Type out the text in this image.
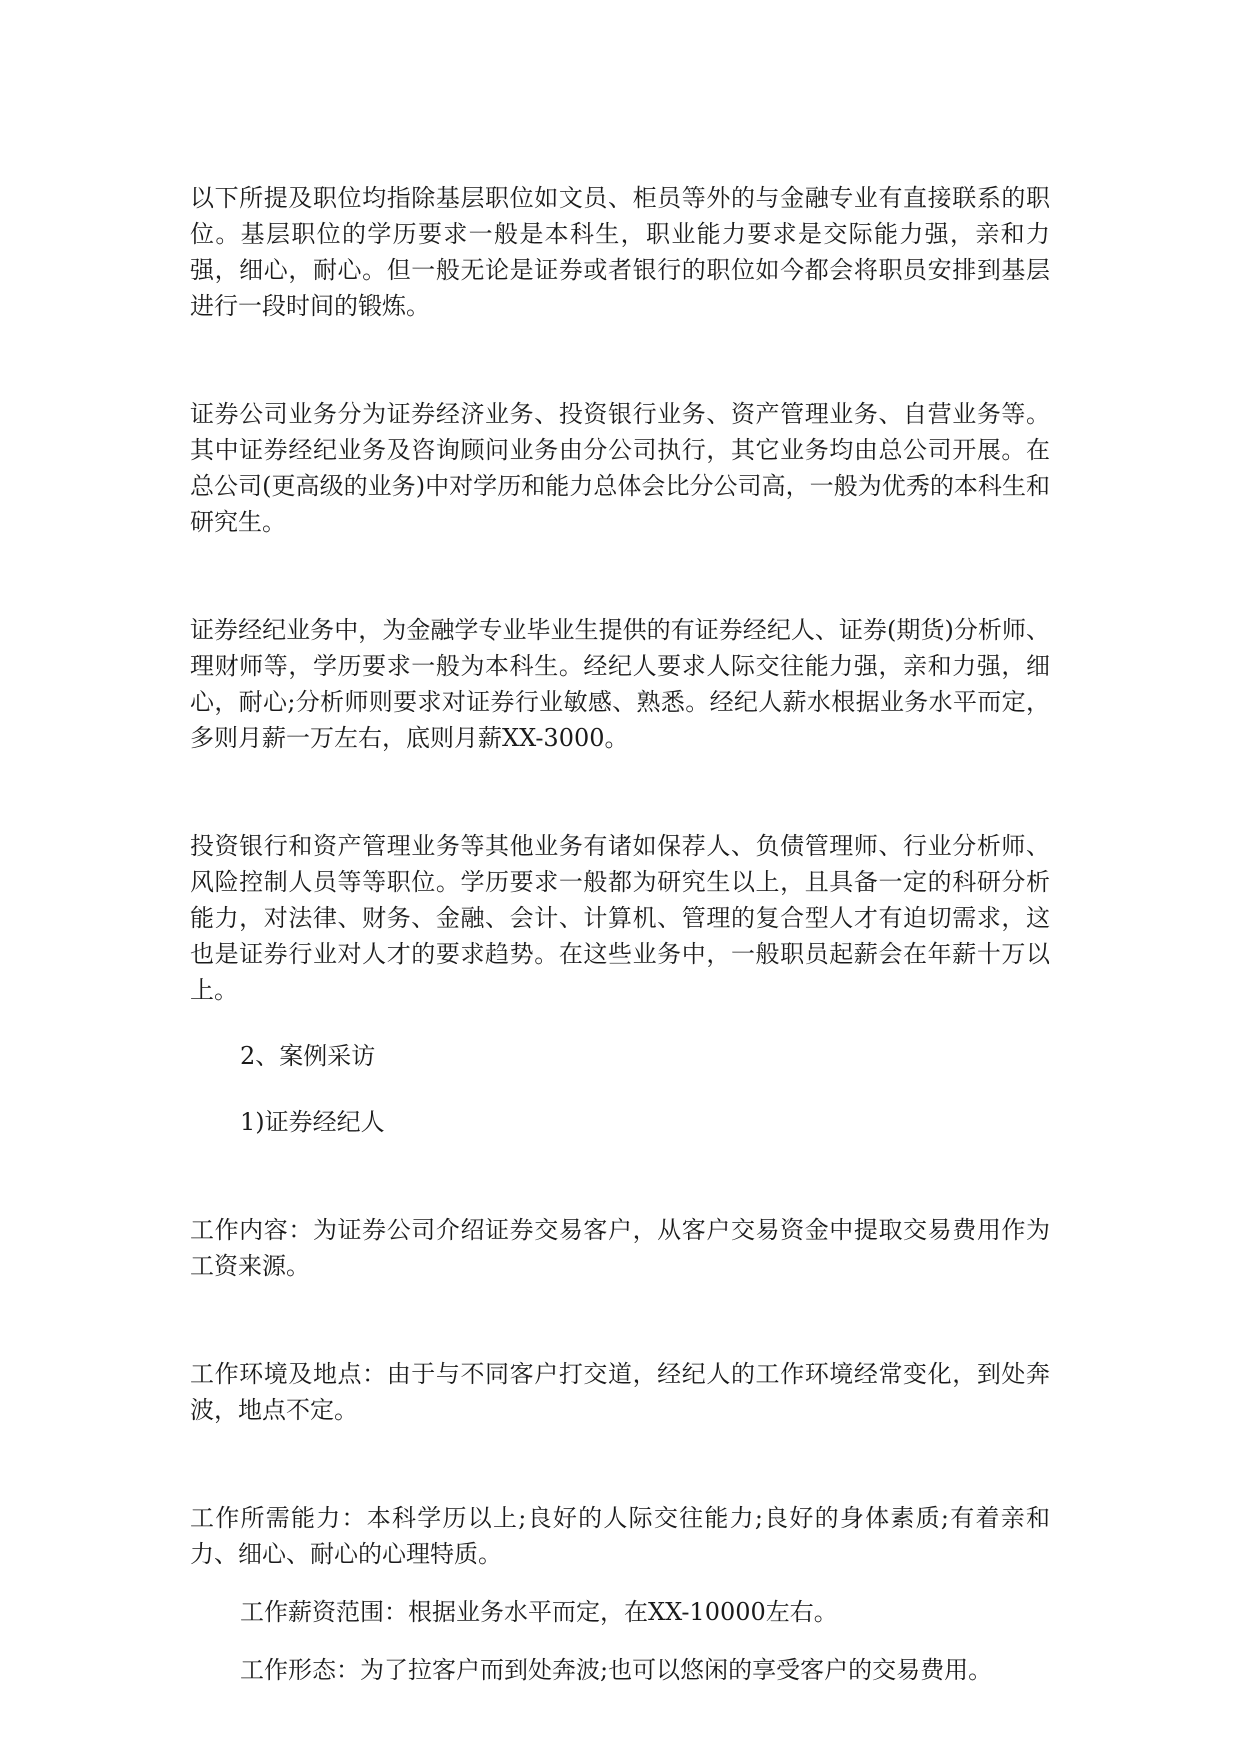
以下所提及职位均指除基层职位如文员、柜员等外的与金融专业有直接联系的职位。基层职位的学历要求一般是本科生，职业能力要求是交际能力强，亲和力强，细心，耐心。但一般无论是证券或者银行的职位如今都会将职员安排到基层进行一段时间的锻炼。

证券公司业务分为证券经济业务、投资银行业务、资产管理业务、自营业务等。其中证券经纪业务及咨询顾问业务由分公司执行，其它业务均由总公司开展。在总公司(更高级的业务)中对学历和能力总体会比分公司高，一般为优秀的本科生和研究生。

证券经纪业务中，为金融学专业毕业生提供的有证券经纪人、证券(期货)分析师、理财师等，学历要求一般为本科生。经纪人要求人际交往能力强，亲和力强，细心，耐心;分析师则要求对证券行业敏感、熟悉。经纪人薪水根据业务水平而定，多则月薪一万左右，底则月薪XX-3000。

投资银行和资产管理业务等其他业务有诸如保荐人、负债管理师、行业分析师、风险控制人员等等职位。学历要求一般都为研究生以上，且具备一定的科研分析能力，对法律、财务、金融、会计、计算机、管理的复合型人才有迫切需求，这也是证券行业对人才的要求趋势。在这些业务中，一般职员起薪会在年薪十万以上。

2、案例采访

1)证券经纪人

工作内容：为证券公司介绍证券交易客户，从客户交易资金中提取交易费用作为工资来源。

工作环境及地点：由于与不同客户打交道，经纪人的工作环境经常变化，到处奔波，地点不定。

工作所需能力：本科学历以上;良好的人际交往能力;良好的身体素质;有着亲和力、细心、耐心的心理特质。

工作薪资范围：根据业务水平而定，在XX-10000左右。

工作形态：为了拉客户而到处奔波;也可以悠闲的享受客户的交易费用。
